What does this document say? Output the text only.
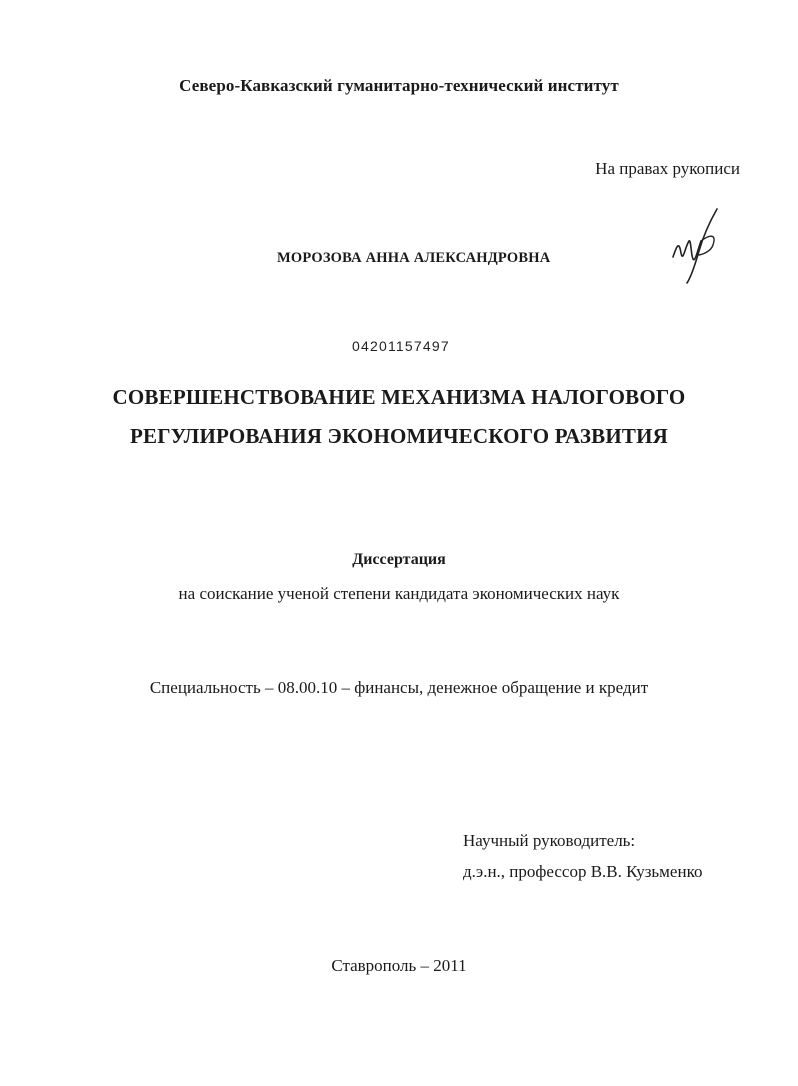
Северо-Кавказский гуманитарно-технический институт
На правах рукописи
МОРОЗОВА АННА АЛЕКСАНДРОВНА
04201157497
СОВЕРШЕНСТВОВАНИЕ МЕХАНИЗМА НАЛОГОВОГО
РЕГУЛИРОВАНИЯ ЭКОНОМИЧЕСКОГО РАЗВИТИЯ
Диссертация
на соискание ученой степени кандидата экономических наук
Специальность – 08.00.10 – финансы, денежное обращение и кредит
Научный руководитель:
д.э.н., профессор В.В. Кузьменко
Ставрополь – 2011
